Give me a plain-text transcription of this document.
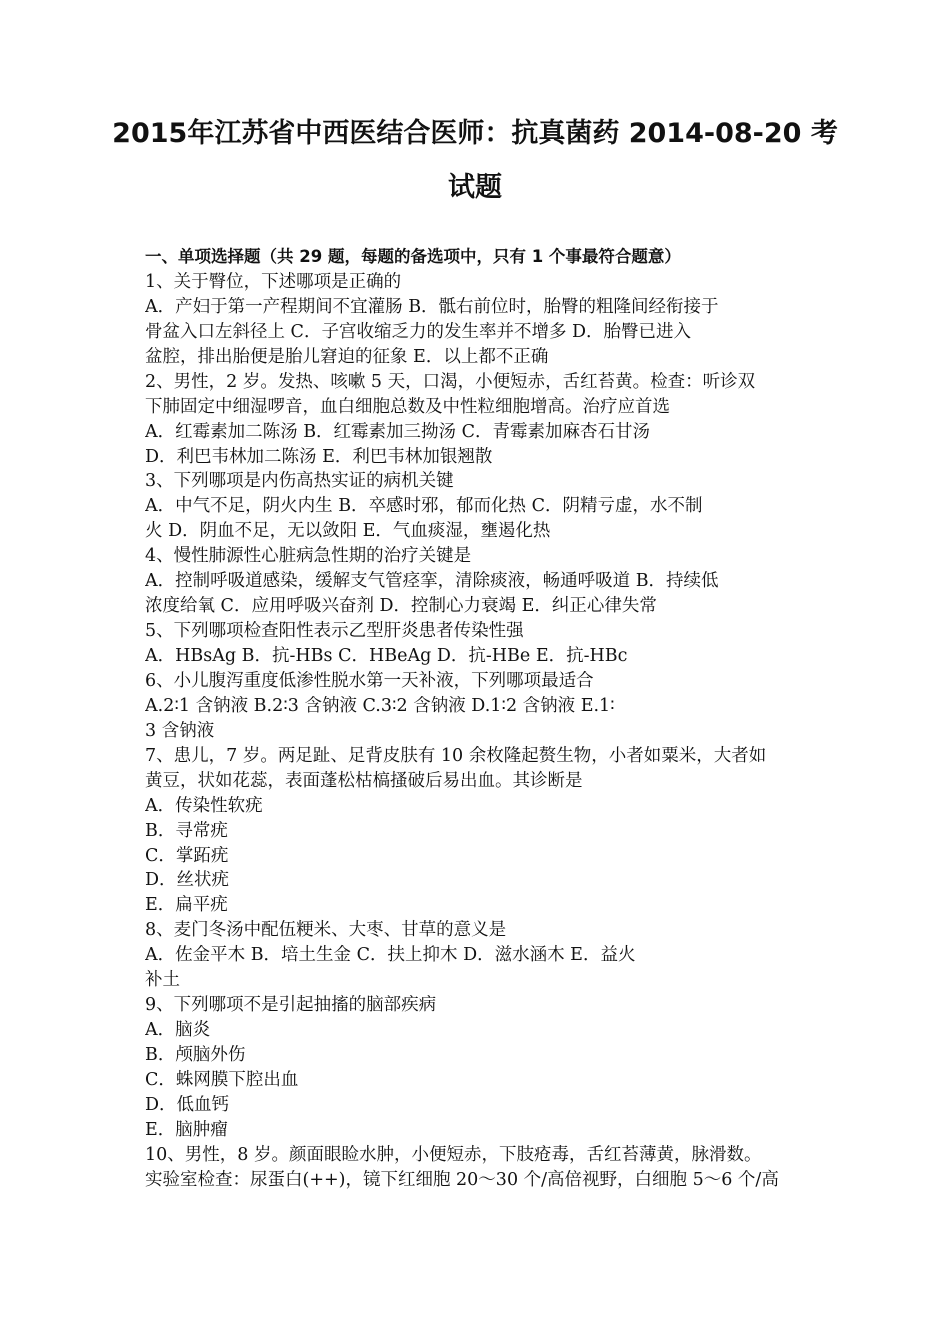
2015年江苏省中西医结合医师：抗真菌药 2014-08-20 考
试题
一、单项选择题（共 29 题，每题的备选项中，只有 1 个事最符合题意）
1、关于臀位，下述哪项是正确的
A．产妇于第一产程期间不宜灌肠 B．骶右前位时，胎臀的粗隆间经衔接于
骨盆入口左斜径上 C．子宫收缩乏力的发生率并不增多 D．胎臀已进入
盆腔，排出胎便是胎儿窘迫的征象 E．以上都不正确
2、男性，2 岁。发热、咳嗽 5 天，口渴，小便短赤，舌红苔黄。检查：听诊双
下肺固定中细湿啰音，血白细胞总数及中性粒细胞增高。治疗应首选
A．红霉素加二陈汤 B．红霉素加三拗汤 C．青霉素加麻杏石甘汤
D．利巴韦林加二陈汤 E．利巴韦林加银翘散
3、下列哪项是内伤高热实证的病机关键
A．中气不足，阴火内生 B．卒感时邪，郁而化热 C．阴精亏虚，水不制
火 D．阴血不足，无以敛阳 E．气血痰湿，壅遏化热
4、慢性肺源性心脏病急性期的治疗关键是
A．控制呼吸道感染，缓解支气管痉挛，清除痰液，畅通呼吸道 B．持续低
浓度给氧 C．应用呼吸兴奋剂 D．控制心力衰竭 E．纠正心律失常
5、下列哪项检查阳性表示乙型肝炎患者传染性强
A．HBsAg B．抗-HBs C．HBeAg D．抗-HBe E．抗-HBc
6、小儿腹泻重度低渗性脱水第一天补液，下列哪项最适合
A.2∶1 含钠液 B.2∶3 含钠液 C.3∶2 含钠液 D.1∶2 含钠液 E.1∶
3 含钠液
7、患儿，7 岁。两足趾、足背皮肤有 10 余枚隆起赘生物，小者如粟米，大者如
黄豆，状如花蕊，表面蓬松枯槁搔破后易出血。其诊断是
A．传染性软疣
B．寻常疣
C．掌跖疣
D．丝状疣
E．扁平疣
8、麦门冬汤中配伍粳米、大枣、甘草的意义是
A．佐金平木 B．培土生金 C．扶上抑木 D．滋水涵木 E．益火
补土
9、下列哪项不是引起抽搐的脑部疾病
A．脑炎
B．颅脑外伤
C．蛛网膜下腔出血
D．低血钙
E．脑肿瘤
10、男性，8 岁。颜面眼睑水肿，小便短赤，下肢疮毒，舌红苔薄黄，脉滑数。
实验室检查：尿蛋白(++)，镜下红细胞 20～30 个/高倍视野，白细胞 5～6 个/高
